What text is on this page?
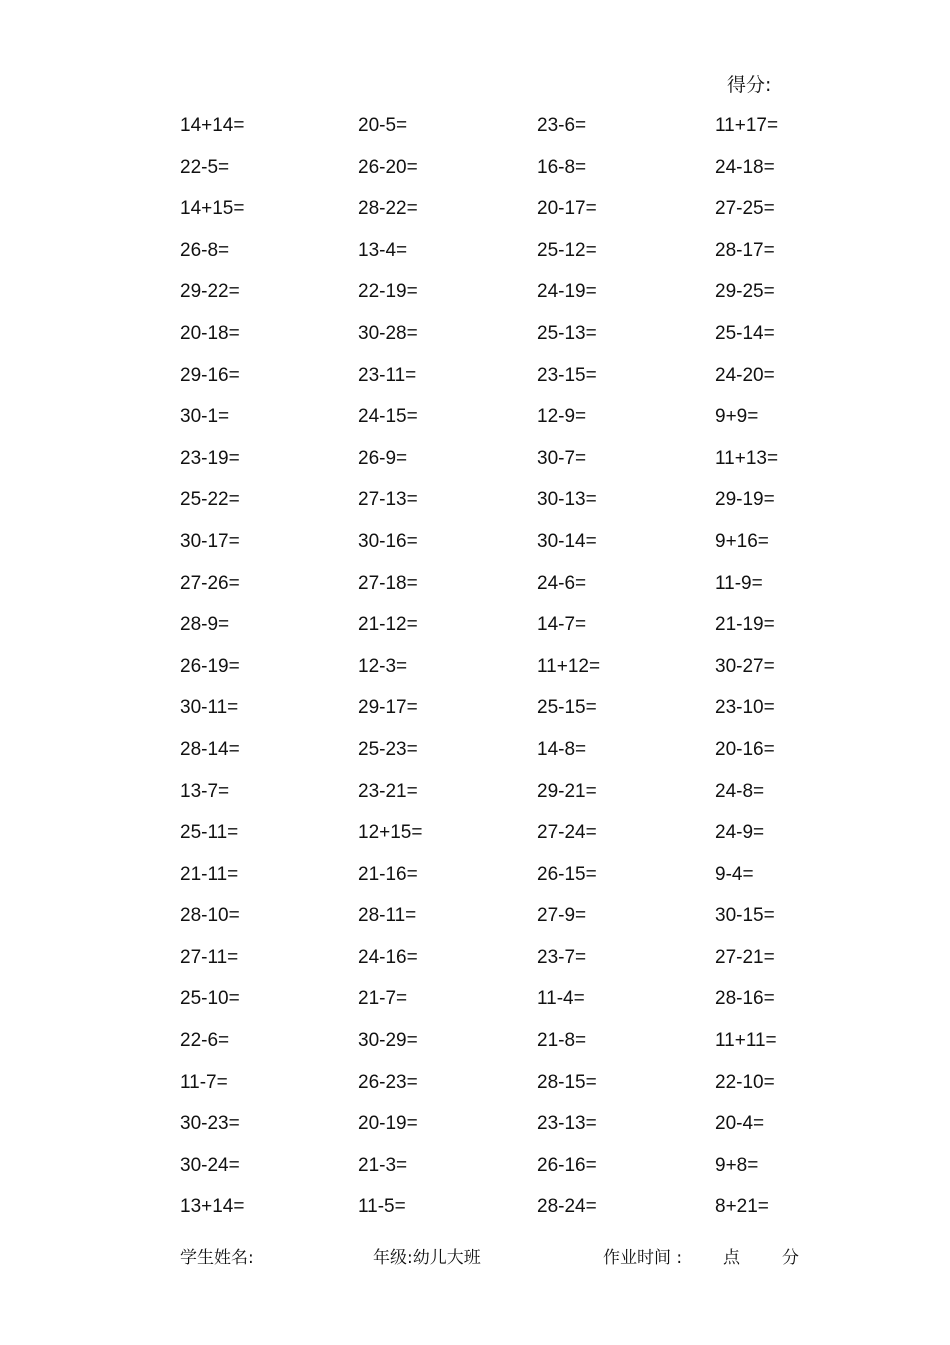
得分:
14+14=	20-5=	23-6=	11+17=
22-5=	26-20=	16-8=	24-18=
14+15=	28-22=	20-17=	27-25=
26-8=	13-4=	25-12=	28-17=
29-22=	22-19=	24-19=	29-25=
20-18=	30-28=	25-13=	25-14=
29-16=	23-11=	23-15=	24-20=
30-1=	24-15=	12-9=	9+9=
23-19=	26-9=	30-7=	11+13=
25-22=	27-13=	30-13=	29-19=
30-17=	30-16=	30-14=	9+16=
27-26=	27-18=	24-6=	11-9=
28-9=	21-12=	14-7=	21-19=
26-19=	12-3=	11+12=	30-27=
30-11=	29-17=	25-15=	23-10=
28-14=	25-23=	14-8=	20-16=
13-7=	23-21=	29-21=	24-8=
25-11=	12+15=	27-24=	24-9=
21-11=	21-16=	26-15=	9-4=
28-10=	28-11=	27-9=	30-15=
27-11=	24-16=	23-7=	27-21=
25-10=	21-7=	11-4=	28-16=
22-6=	30-29=	21-8=	11+11=
11-7=	26-23=	28-15=	22-10=
30-23=	20-19=	23-13=	20-4=
30-24=	21-3=	26-16=	9+8=
13+14=	11-5=	28-24=	8+21=
学生姓名:	年级:幼儿大班	作业时间 : 点 分
